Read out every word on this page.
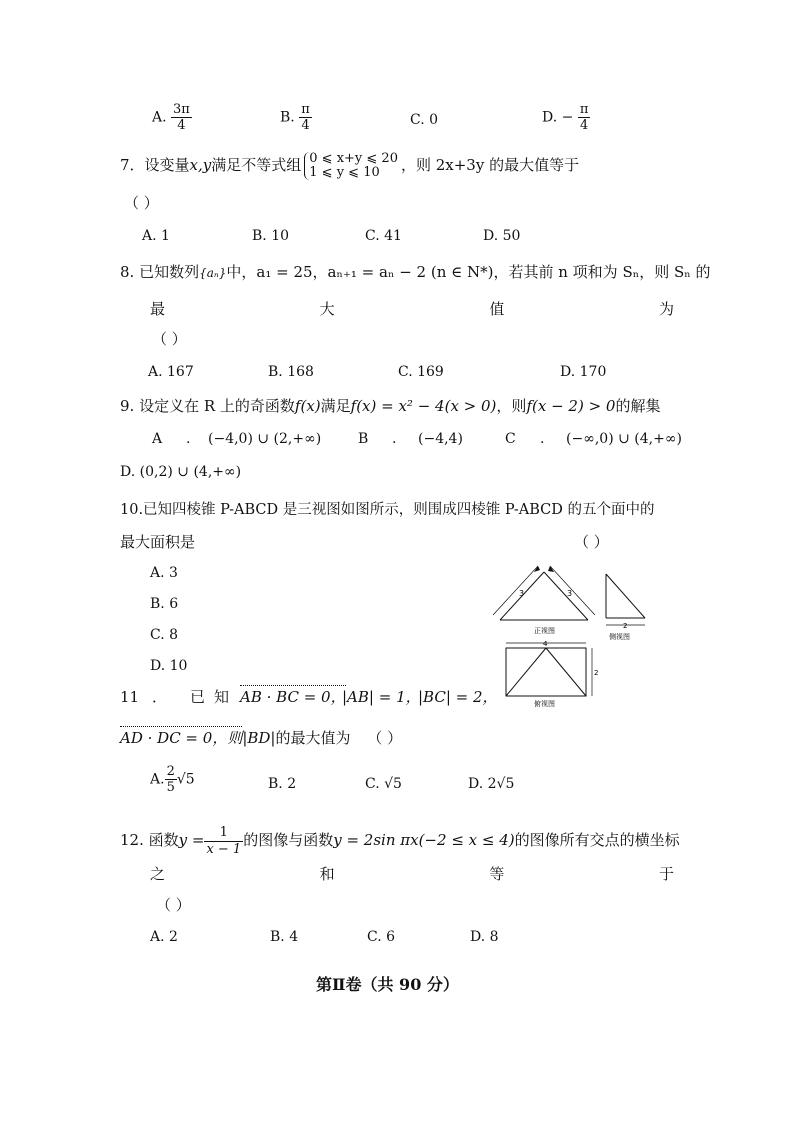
A. $\frac{3\pi}{4}$	B. $\frac{\pi}{4}$	C. 0	D. − $\frac{\pi}{4}$
7．设变量x,y满足不等式组 0 ⩽ x+y ⩽ 20
1 ⩽ y ⩽ 10	，则 2x+3y 的最大值等于
（ ）
A. 1	B. 10	C. 41	D. 50
8. 已知数列{aₙ}中，a₁ = 25，aₙ₊₁ = aₙ − 2 (n ∈ N*)，若其前 n 项和为 Sₙ，则 Sₙ 的
最	大	值	为
（ ）
A. 167	B. 168	C. 169	D. 170
9. 设定义在 R 上的奇函数f(x)满足f(x) = x² − 4(x > 0)，则f(x − 2) > 0的解集
A . (−4,0) ∪ (2,+∞)	B . (−4,4)	C . (−∞,0) ∪ (4,+∞)
D. (0,2) ∪ (4,+∞)
10.已知四棱锥 P-ABCD 是三视图如图所示，则围成四棱锥 P-ABCD 的五个面中的
最大面积是	（ ）
A. 3
B. 6
C. 8
D. 10
3	3
正视图
2
侧视图
4
2
俯视图
11 ． 已 知 AB · BC = 0，
|AB| = 1，
|BC| = 2，
AD · DC = 0，则|BD|的最大值为 （ ）
A. $\frac{2}{5} √5$	B. 2	C. √5	D. 2√5
12. 函数$y = \frac{1}{x - 1}$ 的图像与函数y = 2sin πx(−2 ≤ x ≤ 4)的图像所有交点的横坐标
之	和	等	于
（ ）
A. 2	B. 4	C. 6	D. 8
第Ⅱ卷（共 90 分）
